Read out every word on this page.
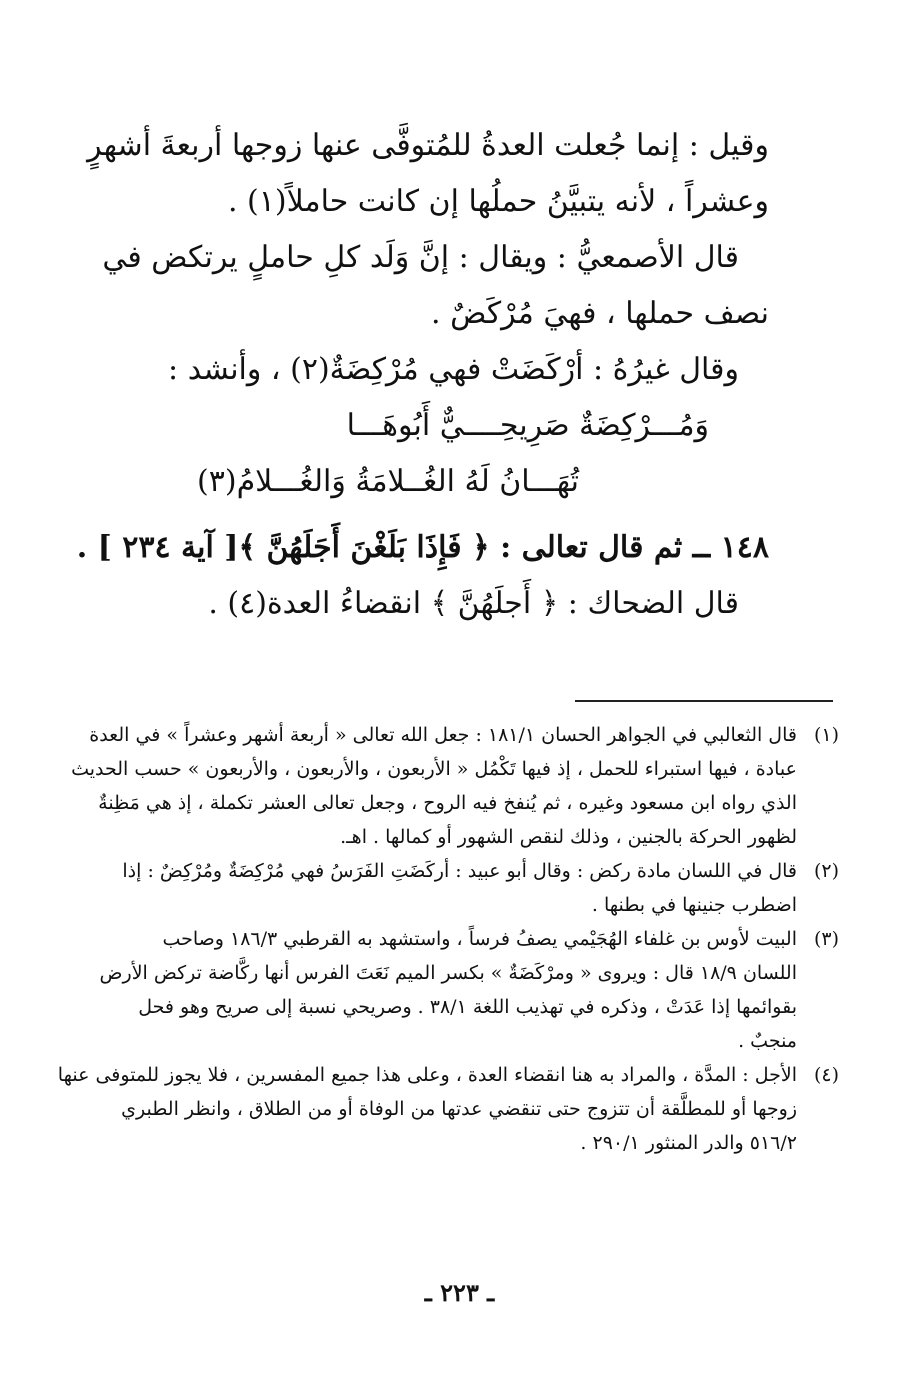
وقيل : إنما جُعلت العدةُ للمُتوفَّى عنها زوجها أربعةَ أشهرٍ
وعشراً ، لأنه يتبيَّنُ حملُها إن كانت حاملاً(١) .
قال الأصمعيُّ : ويقال : إنَّ وَلَد كلِ حاملٍ يرتكض في
نصف حملها ، فهيَ مُرْكَضٌ .
وقال غيرُهُ : أرْكَضَتْ فهي مُرْكِضَةٌ(٢) ، وأنشد :
وَمُـــرْكِضَةٌ صَرِيحِــــيٌّ أَبُوهَـــا
تُهَـــانُ لَهُ الغُــلامَةُ وَالغُـــلامُ(٣)
١٤٨ ــ ثم قال تعالى : ﴿ فَإِذَا بَلَغْنَ أَجَلَهُنَّ ﴾[ آية ٢٣٤ ] .
قال الضحاك : ﴿ أَجلَهُنَّ ﴾ انقضاءُ العدة(٤) .
(١)
قال الثعالبي في الجواهر الحسان ١٨١/١ : جعل الله تعالى « أربعة أشهر وعشراً » في العدة
عبادة ، فيها استبراء للحمل ، إذ فيها تَكْمُل « الأربعون ، والأربعون ، والأربعون » حسب الحديث
الذي رواه ابن مسعود وغيره ، ثم يُنفخ فيه الروح ، وجعل تعالى العشر تكملة ، إذ هي مَظِنةٌ
لظهور الحركة بالجنين ، وذلك لنقص الشهور أو كمالها . اهـ.
(٢)
قال في اللسان مادة ركض : وقال أبو عبيد : أركَضَتِ الفَرَسُ فهي مُرْكِضَةٌ ومُرْكِضٌ : إذا
اضطرب جنينها في بطنها .
(٣)
البيت لأوس بن غلفاء الهُجَيْمي يصفُ فرساً ، واستشهد به القرطبي ١٨٦/٣ وصاحب
اللسان ١٨/٩ قال : ويروى « ومرْكَضَةٌ » بكسر الميم نَعَتَ الفرس أنها ركَّاضة تركض الأرض
بقوائمها إذا عَدَتْ ، وذكره في تهذيب اللغة ٣٨/١ . وصريحي نسبة إلى صريح وهو فحل
منجبٌ .
(٤)
الأجل : المدَّة ، والمراد به هنا انقضاء العدة ، وعلى هذا جميع المفسرين ، فلا يجوز للمتوفى عنها
زوجها أو للمطلَّقة أن تتزوج حتى تنقضي عدتها من الوفاة أو من الطلاق ، وانظر الطبري
٥١٦/٢ والدر المنثور ٢٩٠/١ .
ـ ٢٢٣ ـ
